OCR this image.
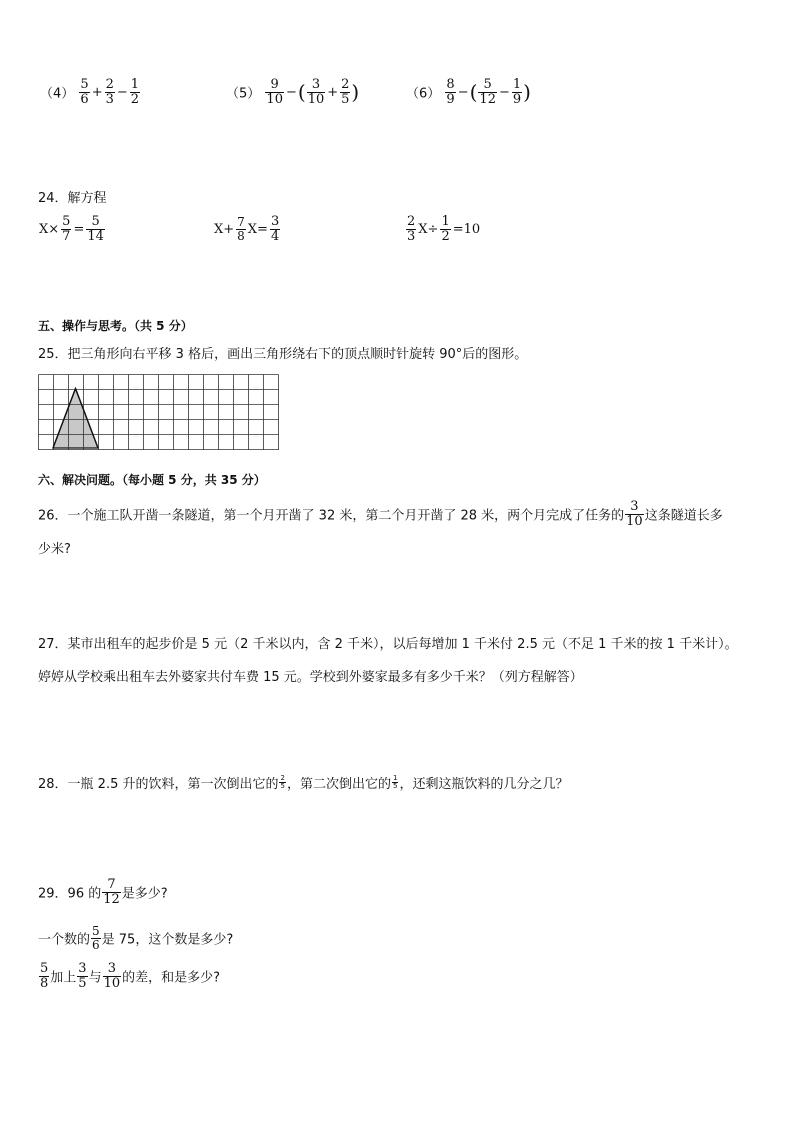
$(4) \frac{5}{6} + \frac{2}{3} - \frac{1}{2}$	$(5) \frac{9}{10}$ −( $\frac{3}{10} + \frac{2}{5}$ )	$(6) \frac{8}{9}$ −( $\frac{5}{12} - \frac{1}{9}$ )
24．解方程
$X\times \frac{5}{7} = \frac{5}{14}$	$X+ \frac{7}{8} X= \frac{3}{4}$	$\frac{2}{3} X\div \frac{1}{2} =10$
五、操作与思考。（共 5 分）
25．把三角形向右平移 3 格后，画出三角形绕右下的顶点顺时针旋转 90°后的图形。
六、解决问题。（每小题 5 分，共 35 分）
26．一个施工队开凿一条隧道，第一个月开凿了 32 米，第二个月开凿了 28 米，两个月完成了任务的 $\frac{3}{10}$ 这条隧道长多
少米?
27．某市出租车的起步价是 5 元（2 千米以内，含 2 千米），以后每增加 1 千米付 2.5 元（不足 1 千米的按 1 千米计）。
婷婷从学校乘出租车去外婆家共付车费 15 元。学校到外婆家最多有多少千米？（列方程解答）
28．一瓶 2.5 升的饮料，第一次倒出它的 $\frac{2}{5}$ ，第二次倒出它的 $\frac{1}{5}$ ，还剩这瓶饮料的几分之几？
29．96 的 $\frac{7}{12}$ 是多少?
一个数的 $\frac{5}{6}$ 是 75，这个数是多少?
$\frac{5}{8}$ 加上 $\frac{3}{5}$ 与 $\frac{3}{10}$ 的差，和是多少?
